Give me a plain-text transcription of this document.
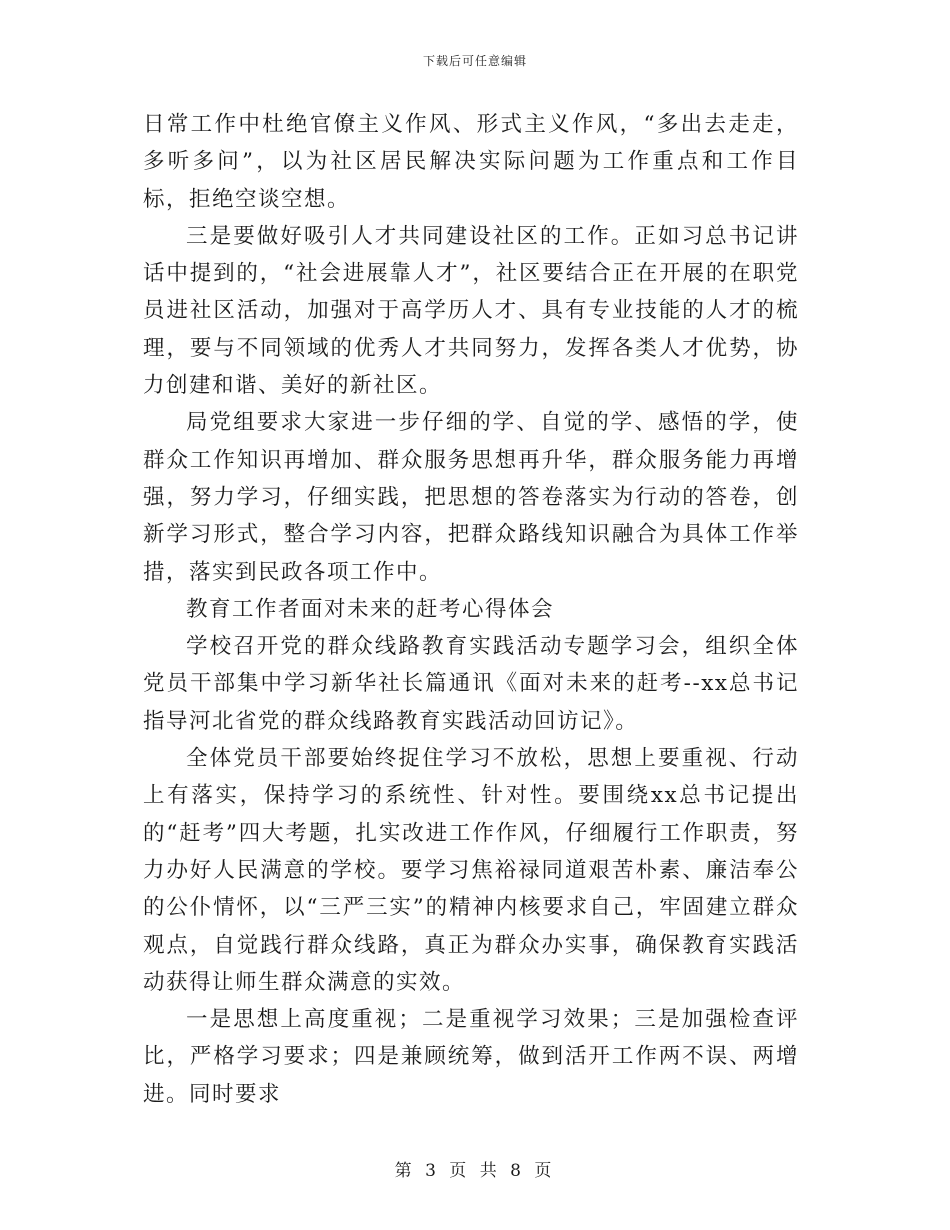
下载后可任意编辑

日常工作中杜绝官僚主义作风、形式主义作风，“多出去走走，多听多问”，以为社区居民解决实际问题为工作重点和工作目标，拒绝空谈空想。

三是要做好吸引人才共同建设社区的工作。正如习总书记讲话中提到的，“社会进展靠人才”，社区要结合正在开展的在职党员进社区活动，加强对于高学历人才、具有专业技能的人才的梳理，要与不同领域的优秀人才共同努力，发挥各类人才优势，协力创建和谐、美好的新社区。

局党组要求大家进一步仔细的学、自觉的学、感悟的学，使群众工作知识再增加、群众服务思想再升华，群众服务能力再增强，努力学习，仔细实践，把思想的答卷落实为行动的答卷，创新学习形式，整合学习内容，把群众路线知识融合为具体工作举措，落实到民政各项工作中。

教育工作者面对未来的赶考心得体会

学校召开党的群众线路教育实践活动专题学习会，组织全体党员干部集中学习新华社长篇通讯《面对未来的赶考--xx总书记指导河北省党的群众线路教育实践活动回访记》。

全体党员干部要始终捉住学习不放松，思想上要重视、行动上有落实，保持学习的系统性、针对性。要围绕xx总书记提出的“赶考”四大考题，扎实改进工作作风，仔细履行工作职责，努力办好人民满意的学校。要学习焦裕禄同道艰苦朴素、廉洁奉公的公仆情怀，以“三严三实”的精神内核要求自己，牢固建立群众观点，自觉践行群众线路，真正为群众办实事，确保教育实践活动获得让师生群众满意的实效。

一是思想上高度重视；二是重视学习效果；三是加强检查评比，严格学习要求；四是兼顾统筹，做到活开工作两不误、两增进。同时要求

第 3 页 共 8 页
